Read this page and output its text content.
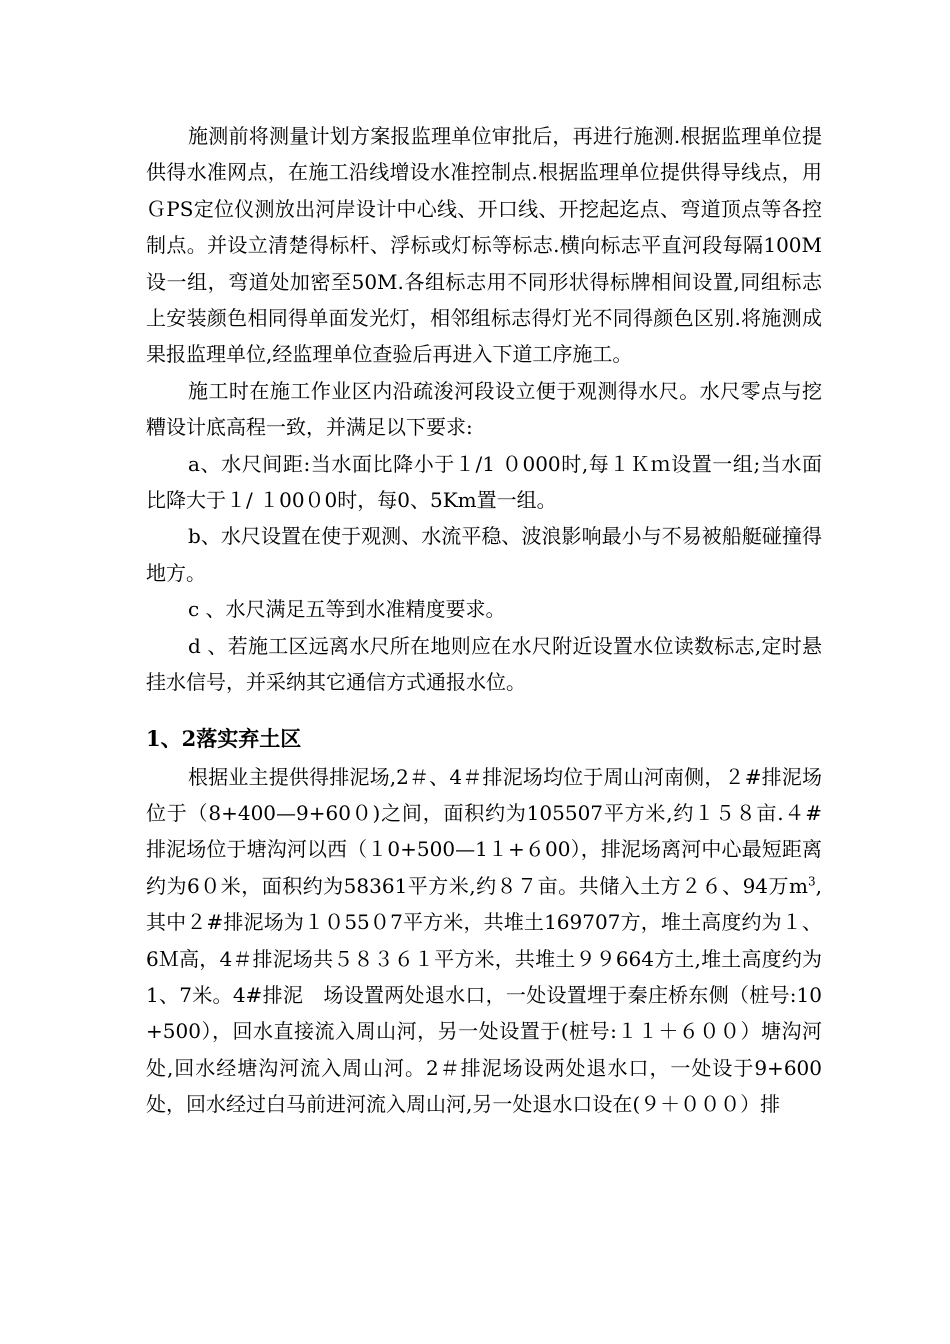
施测前将测量计划方案报监理单位审批后，再进行施测.根据监理单位提供得水准网点，在施工沿线增设水准控制点.根据监理单位提供得导线点，用ＧPS定位仪测放出河岸设计中心线、开口线、开挖起迄点、弯道顶点等各控制点。并设立清楚得标杆、浮标或灯标等标志.横向标志平直河段每隔100M设一组，弯道处加密至50M.各组标志用不同形状得标牌相间设置,同组标志上安装颜色相同得单面发光灯，相邻组标志得灯光不同得颜色区别.将施测成果报监理单位,经监理单位查验后再进入下道工序施工。

施工时在施工作业区内沿疏浚河段设立便于观测得水尺。水尺零点与挖糟设计底高程一致，并满足以下要求:

a、水尺间距:当水面比降小于１/1 ０000时,每１Ｋｍ设置一组;当水面比降大于１/ １00０0时，每0、5Km置一组。

b、水尺设置在使于观测、水流平稳、波浪影响最小与不易被船艇碰撞得地方。

c 、水尺满足五等到水准精度要求。

d 、若施工区远离水尺所在地则应在水尺附近设置水位读数标志,定时悬挂水信号，并采纳其它通信方式通报水位。

1、2落实弃土区

根据业主提供得排泥场,2＃、4＃排泥场均位于周山河南侧，２#排泥场位于（8+400—9+60０)之间，面积约为105507平方米,约１５８亩.４#排泥场位于塘沟河以西（１0+500—1１+６00），排泥场离河中心最短距离约为6０米，面积约为58361平方米,约８７亩。共储入土方２６、94万$m^3$,其中２#排泥场为１０55０7平方米，共堆土169707方，堆土高度约为１、6Ｍ高，4＃排泥场共５８３６１平方米，共堆土９９664方土,堆土高度约为1、7米。4#排泥　场设置两处退水口，一处设置埋于秦庄桥东侧（桩号:10+500），回水直接流入周山河，另一处设置于(桩号:１１＋６００）塘沟河处,回水经塘沟河流入周山河。2＃排泥场设两处退水口，一处设于9+600处，回水经过白马前进河流入周山河,另一处退水口设在(９＋０００）排
